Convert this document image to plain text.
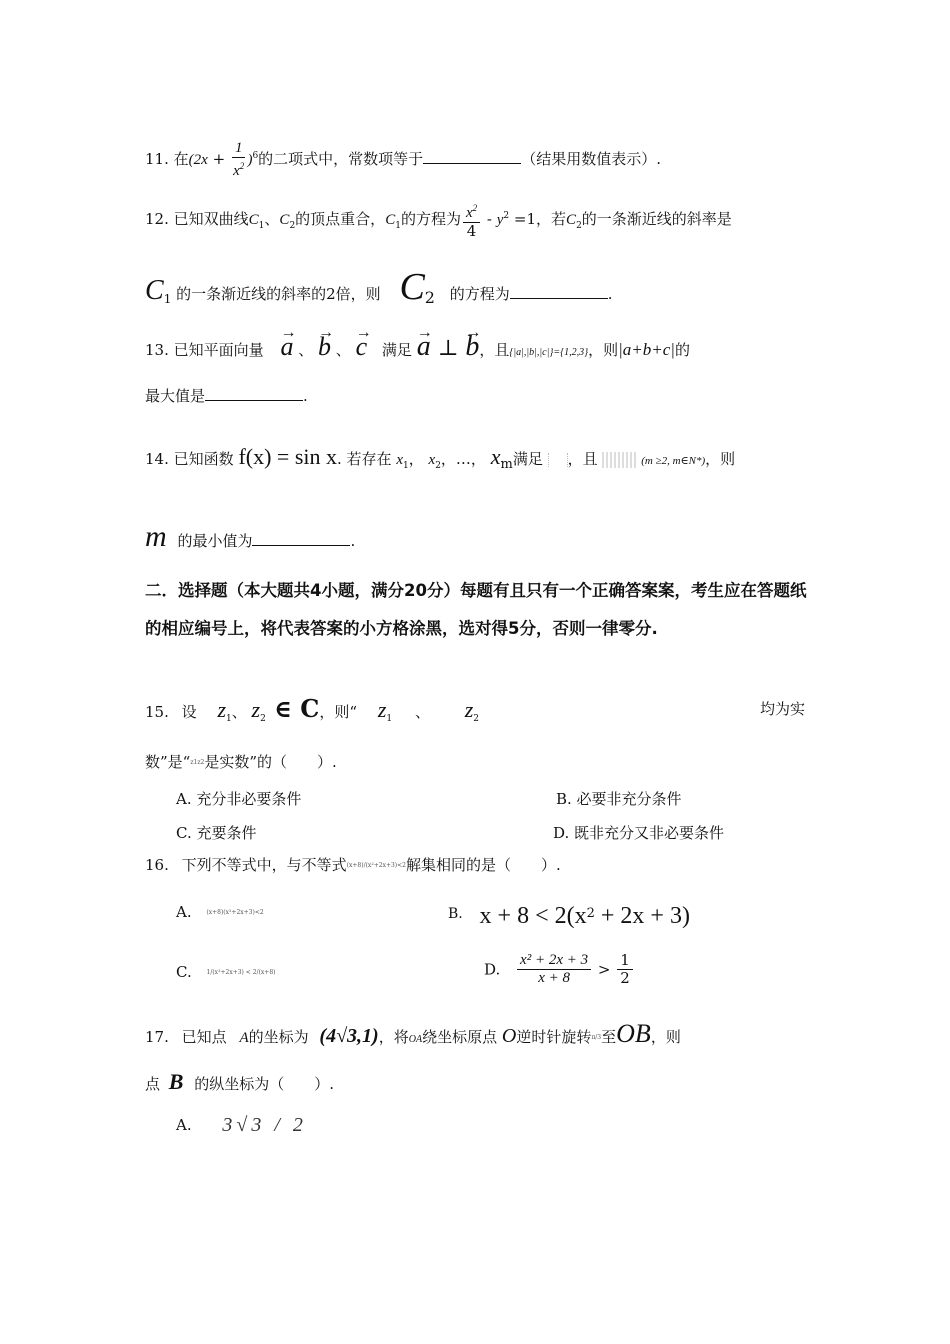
11. 在$(2x + \frac{1}{x^2} )^6$的二项式中，常数项等于	（结果用数值表示）.
12. 已知双曲线$C_1$、$C_2$的顶点重合，$C_1$的方程为 $\frac{x^2}{4} - y^2 =1$，若$C_2$的一条渐近线的斜率是
$C_1$ 的一条渐近线的斜率的2倍，则 $C_2$ 的方程为	.
13. 已知平面向量 → a 、 → b 、 → c 满足 → a ⊥ → b，且{|a|,|b|,|c|}={1,2,3}，则|a+b+c|的
最大值是	.
14. 已知函数 f(x) = sin x. 若存在 $x_1$， $x_2$，…， $x_m$满足 ，且	(m ≥2, m∈N*)，则
m 的最小值为	.
二．选择题（本大题共4小题，满分20分）每题有且只有一个正确答案案，考生应在答题纸的相应编号上，将代表答案的小方格涂黑，选对得5分，否则一律零分.
15. 设 $z_1$、 $z_2$ ∈ C，则“ $z_1$ 、 $z_2$
均为实
数”是“z1z2是实数”的（　　）.
A. 充分非必要条件	B. 必要非充分条件
C. 充要条件	D. 既非充分又非必要条件
16. 下列不等式中，与不等式(x+8)/(x²+2x+3)<2解集相同的是（　　）.
A. (x+8)(x²+2x+3)<2	B. $x + 8 < 2(x^2 + 2x + 3)$
C. 1/(x²+2x+3) < 2/(x+8)	D. $\frac{\text{x² + 2x + 3}}{x + 8} > \frac{1}{2}$
17. 已知点 A的坐标为 (4√3,1)，将OA绕坐标原点 O逆时针旋转π/3至OB，则
点 B 的纵坐标为（　　）.
A. 3√3 / 2
